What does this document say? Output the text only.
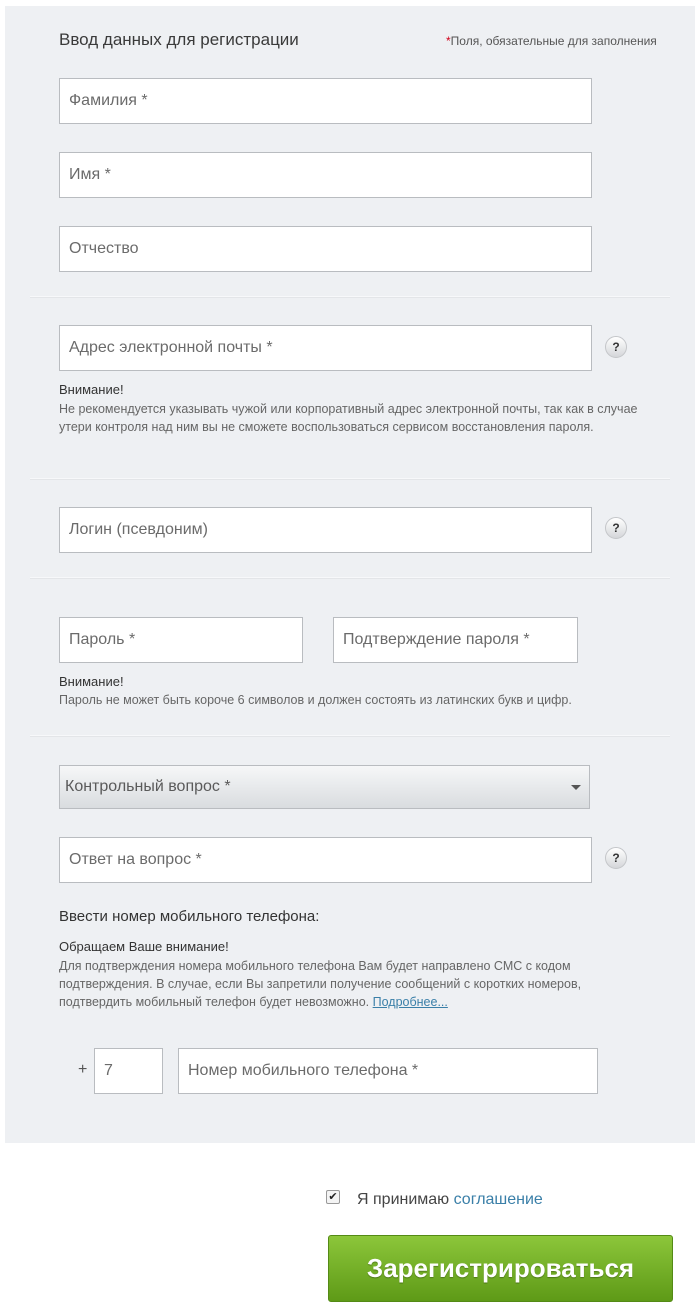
Ввод данных для регистрации	*Поля, обязательные для заполнения
Фамилия *
Имя *
Отчество
Адрес электронной почты *	?
Внимание!
Не рекомендуется указывать чужой или корпоративный адрес электронной почты, так как в случае утери контроля над ним вы не сможете воспользоваться сервисом восстановления пароля.
Логин (псевдоним)	?
Пароль *	Подтверждение пароля *
Внимание!
Пароль не может быть короче 6 символов и должен состоять из латинских букв и цифр.
Контрольный вопрос *
Ответ на вопрос *	?
Ввести номер мобильного телефона:
Обращаем Ваше внимание!
Для подтверждения номера мобильного телефона Вам будет направлено СМС с кодом подтверждения. В случае, если Вы запретили получение сообщений с коротких номеров, подтвердить мобильный телефон будет невозможно. Подробнее...
+	7	Номер мобильного телефона *
✔ Я принимаю соглашение
Зарегистрироваться
